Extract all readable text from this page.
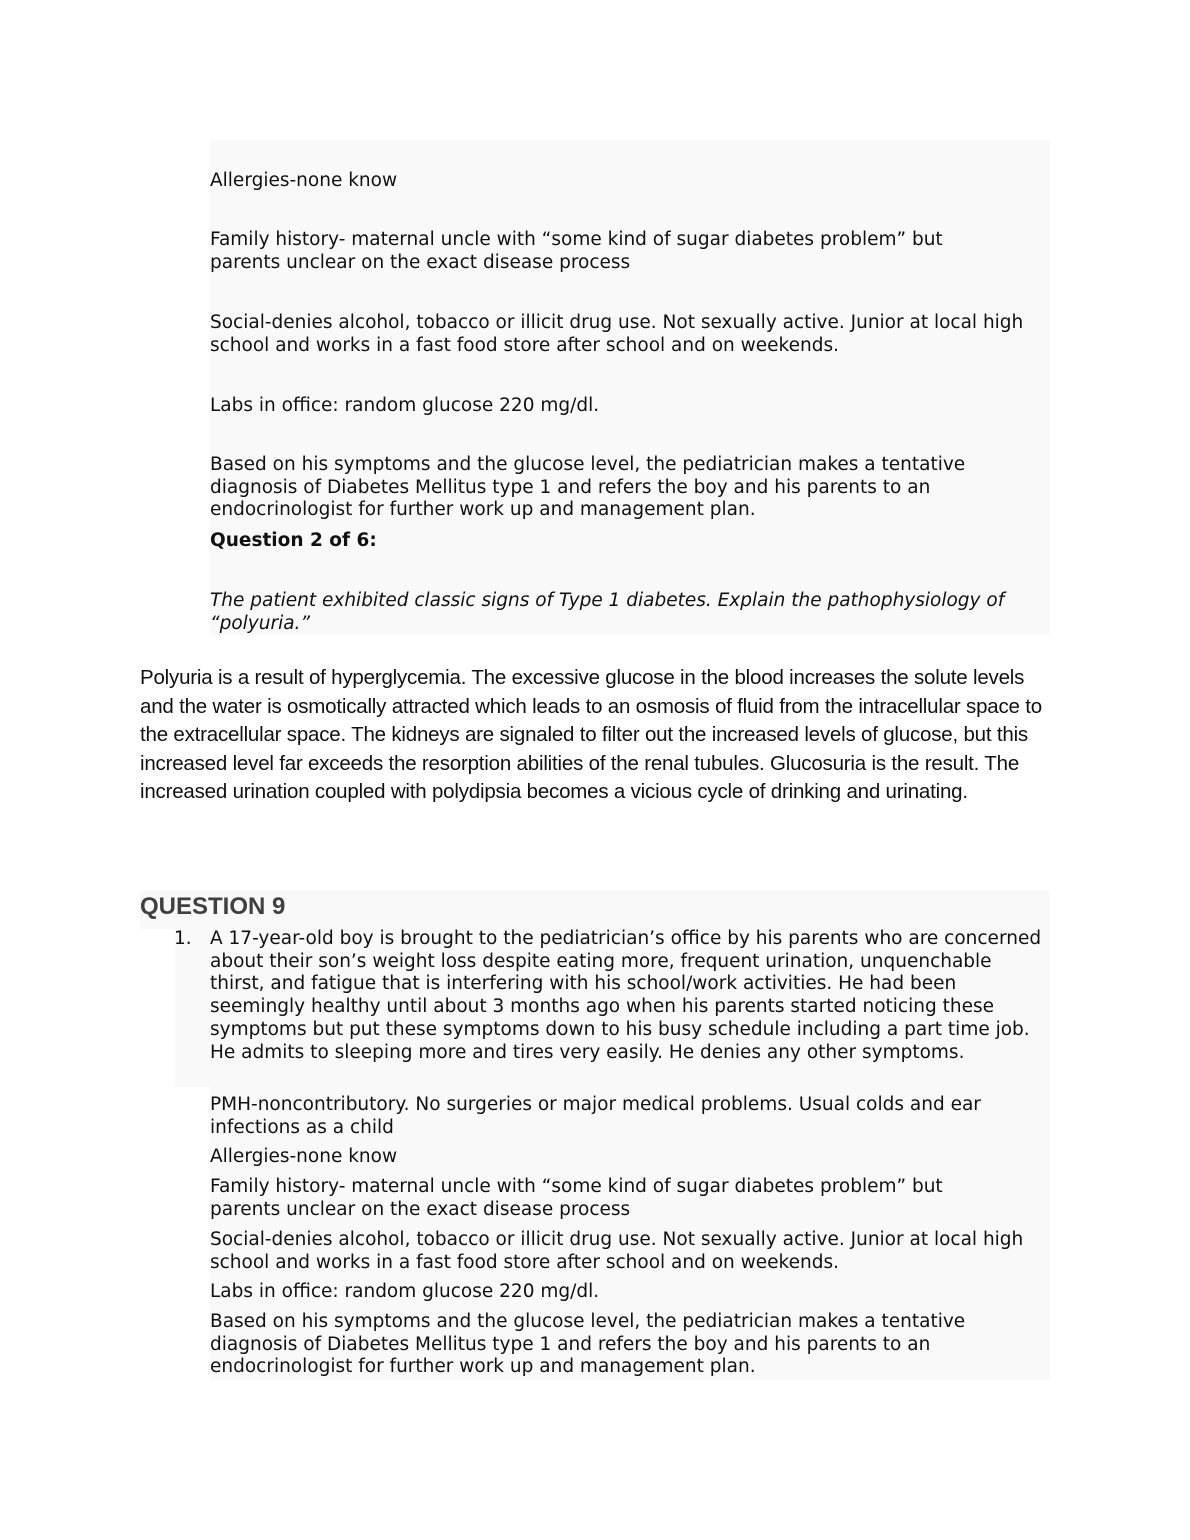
Allergies-none know

Family history- maternal uncle with “some kind of sugar diabetes problem” but parents unclear on the exact disease process

Social-denies alcohol, tobacco or illicit drug use. Not sexually active. Junior at local high school and works in a fast food store after school and on weekends.

Labs in office: random glucose 220 mg/dl.

Based on his symptoms and the glucose level, the pediatrician makes a tentative diagnosis of Diabetes Mellitus type 1 and refers the boy and his parents to an endocrinologist for further work up and management plan.

Question 2 of 6:

The patient exhibited classic signs of Type 1 diabetes. Explain the pathophysiology of “polyuria.”

Polyuria is a result of hyperglycemia. The excessive glucose in the blood increases the solute levels and the water is osmotically attracted which leads to an osmosis of fluid from the intracellular space to the extracellular space. The kidneys are signaled to filter out the increased levels of glucose, but this increased level far exceeds the resorption abilities of the renal tubules. Glucosuria is the result. The increased urination coupled with polydipsia becomes a vicious cycle of drinking and urinating.

QUESTION 9
1. A 17-year-old boy is brought to the pediatrician’s office by his parents who are concerned about their son’s weight loss despite eating more, frequent urination, unquenchable thirst, and fatigue that is interfering with his school/work activities. He had been seemingly healthy until about 3 months ago when his parents started noticing these symptoms but put these symptoms down to his busy schedule including a part time job. He admits to sleeping more and tires very easily. He denies any other symptoms.

PMH-noncontributory. No surgeries or major medical problems. Usual colds and ear infections as a child

Allergies-none know

Family history- maternal uncle with “some kind of sugar diabetes problem” but parents unclear on the exact disease process

Social-denies alcohol, tobacco or illicit drug use. Not sexually active. Junior at local high school and works in a fast food store after school and on weekends.

Labs in office: random glucose 220 mg/dl.

Based on his symptoms and the glucose level, the pediatrician makes a tentative diagnosis of Diabetes Mellitus type 1 and refers the boy and his parents to an endocrinologist for further work up and management plan.
